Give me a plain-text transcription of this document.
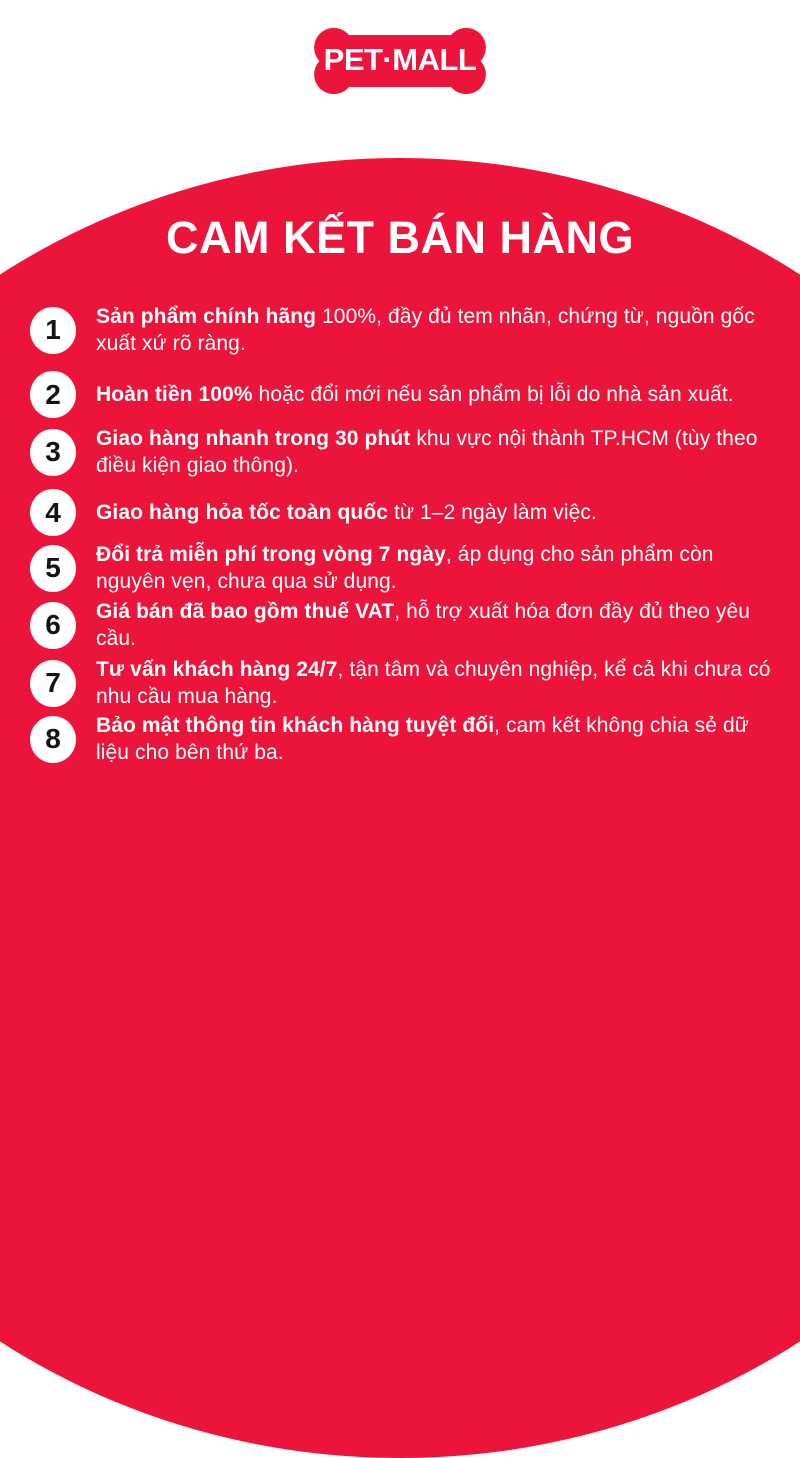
PET·MALL
CAM KẾT BÁN HÀNG
1 Sản phẩm chính hãng 100%, đầy đủ tem nhãn, chứng từ, nguồn gốc xuất xứ rõ ràng.

2 Hoàn tiền 100% hoặc đổi mới nếu sản phẩm bị lỗi do nhà sản xuất.

3 Giao hàng nhanh trong 30 phút khu vực nội thành TP.HCM (tùy theo điều kiện giao thông).

4 Giao hàng hỏa tốc toàn quốc từ 1–2 ngày làm việc.

5 Đổi trả miễn phí trong vòng 7 ngày, áp dụng cho sản phẩm còn nguyên vẹn, chưa qua sử dụng.

6 Giá bán đã bao gồm thuế VAT, hỗ trợ xuất hóa đơn đầy đủ theo yêu cầu.

7 Tư vấn khách hàng 24/7, tận tâm và chuyên nghiệp, kể cả khi chưa có nhu cầu mua hàng.

8 Bảo mật thông tin khách hàng tuyệt đối, cam kết không chia sẻ dữ liệu cho bên thứ ba.
